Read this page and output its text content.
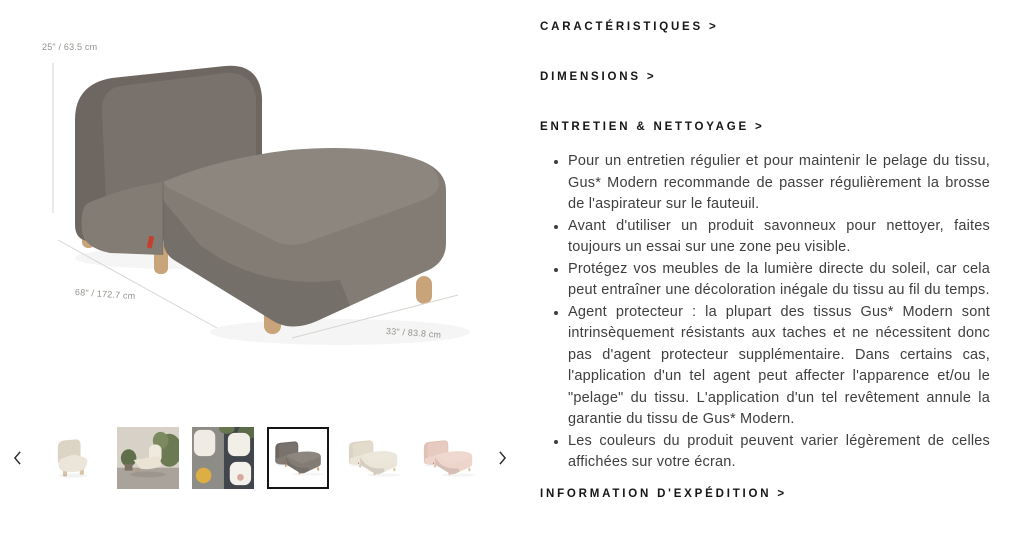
25" / 63.5 cm
68" / 172.7 cm
33" / 83.8 cm
CARACTÉRISTIQUES >
DIMENSIONS >
ENTRETIEN & NETTOYAGE >
• Pour un entretien régulier et pour maintenir le pelage du tissu, Gus* Modern recommande de passer régulièrement la brosse de l'aspirateur sur le fauteuil.
• Avant d'utiliser un produit savonneux pour nettoyer, faites toujours un essai sur une zone peu visible.
• Protégez vos meubles de la lumière directe du soleil, car cela peut entraîner une décoloration inégale du tissu au fil du temps.
• Agent protecteur : la plupart des tissus Gus* Modern sont intrinsèquement résistants aux taches et ne nécessitent donc pas d'agent protecteur supplémentaire. Dans certains cas, l'application d'un tel agent peut affecter l'apparence et/ou le "pelage" du tissu. L'application d'un tel revêtement annule la garantie du tissu de Gus* Modern.
• Les couleurs du produit peuvent varier légèrement de celles affichées sur votre écran.
INFORMATION D'EXPÉDITION >
